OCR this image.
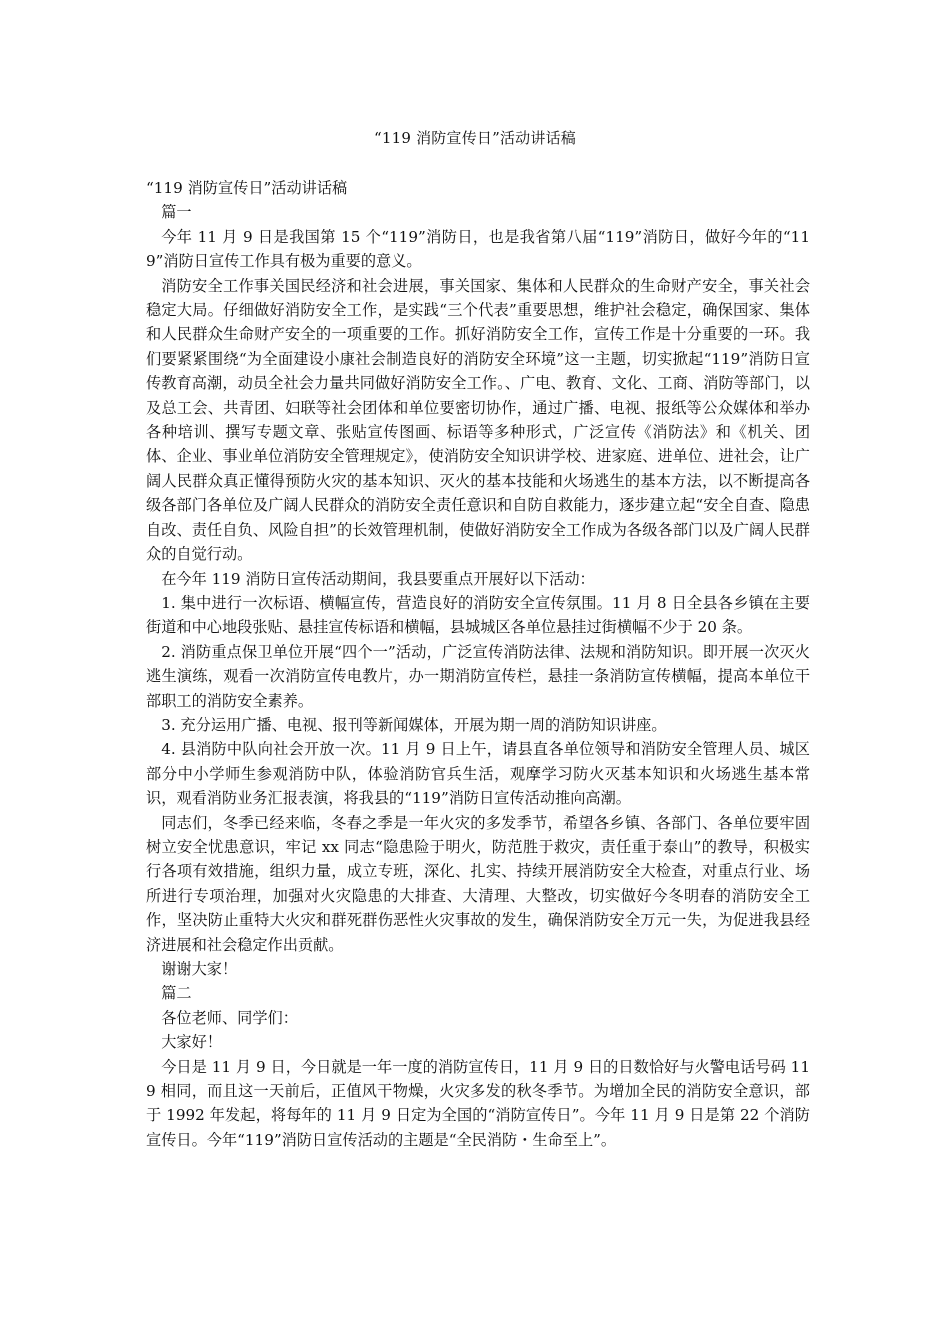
“119 消防宣传日”活动讲话稿

“119 消防宣传日”活动讲话稿

篇一

今年 11 月 9 日是我国第 15 个“119”消防日，也是我省第八届“119”消防日，做好今年的“119”消防日宣传工作具有极为重要的意义。

消防安全工作事关国民经济和社会进展，事关国家、集体和人民群众的生命财产安全，事关社会稳定大局。仔细做好消防安全工作，是实践“三个代表”重要思想，维护社会稳定，确保国家、集体和人民群众生命财产安全的一项重要的工作。抓好消防安全工作，宣传工作是十分重要的一环。我们要紧紧围绕“为全面建设小康社会制造良好的消防安全环境”这一主题，切实掀起“119”消防日宣传教育高潮，动员全社会力量共同做好消防安全工作。、广电、教育、文化、工商、消防等部门，以及总工会、共青团、妇联等社会团体和单位要密切协作，通过广播、电视、报纸等公众媒体和举办各种培训、撰写专题文章、张贴宣传图画、标语等多种形式，广泛宣传《消防法》和《机关、团体、企业、事业单位消防安全管理规定》，使消防安全知识讲学校、进家庭、进单位、进社会，让广阔人民群众真正懂得预防火灾的基本知识、灭火的基本技能和火场逃生的基本方法，以不断提高各级各部门各单位及广阔人民群众的消防安全责任意识和自防自救能力，逐步建立起“安全自查、隐患自改、责任自负、风险自担”的长效管理机制，使做好消防安全工作成为各级各部门以及广阔人民群众的自觉行动。

在今年 119 消防日宣传活动期间，我县要重点开展好以下活动：

1. 集中进行一次标语、横幅宣传，营造良好的消防安全宣传氛围。11 月 8 日全县各乡镇在主要街道和中心地段张贴、悬挂宣传标语和横幅，县城城区各单位悬挂过街横幅不少于 20 条。

2. 消防重点保卫单位开展“四个一”活动，广泛宣传消防法律、法规和消防知识。即开展一次灭火逃生演练，观看一次消防宣传电教片，办一期消防宣传栏，悬挂一条消防宣传横幅，提高本单位干部职工的消防安全素养。

3. 充分运用广播、电视、报刊等新闻媒体，开展为期一周的消防知识讲座。

4. 县消防中队向社会开放一次。11 月 9 日上午，请县直各单位领导和消防安全管理人员、城区部分中小学师生参观消防中队，体验消防官兵生活，观摩学习防火灭基本知识和火场逃生基本常识，观看消防业务汇报表演，将我县的“119”消防日宣传活动推向高潮。

同志们，冬季已经来临，冬春之季是一年火灾的多发季节，希望各乡镇、各部门、各单位要牢固树立安全忧患意识，牢记 xx 同志“隐患险于明火，防范胜于救灾，责任重于泰山”的教导，积极实行各项有效措施，组织力量，成立专班，深化、扎实、持续开展消防安全大检查，对重点行业、场所进行专项治理，加强对火灾隐患的大排查、大清理、大整改，切实做好今冬明春的消防安全工作，坚决防止重特大火灾和群死群伤恶性火灾事故的发生，确保消防安全万元一失，为促进我县经济进展和社会稳定作出贡献。

谢谢大家！

篇二

各位老师、同学们：

大家好！

今日是 11 月 9 日，今日就是一年一度的消防宣传日，11 月 9 日的日数恰好与火警电话号码 119 相同，而且这一天前后，正值风干物燥，火灾多发的秋冬季节。为增加全民的消防安全意识，部于 1992 年发起，将每年的 11 月 9 日定为全国的“消防宣传日”。今年 11 月 9 日是第 22 个消防宣传日。今年“119”消防日宣传活动的主题是“全民消防・生命至上”。
